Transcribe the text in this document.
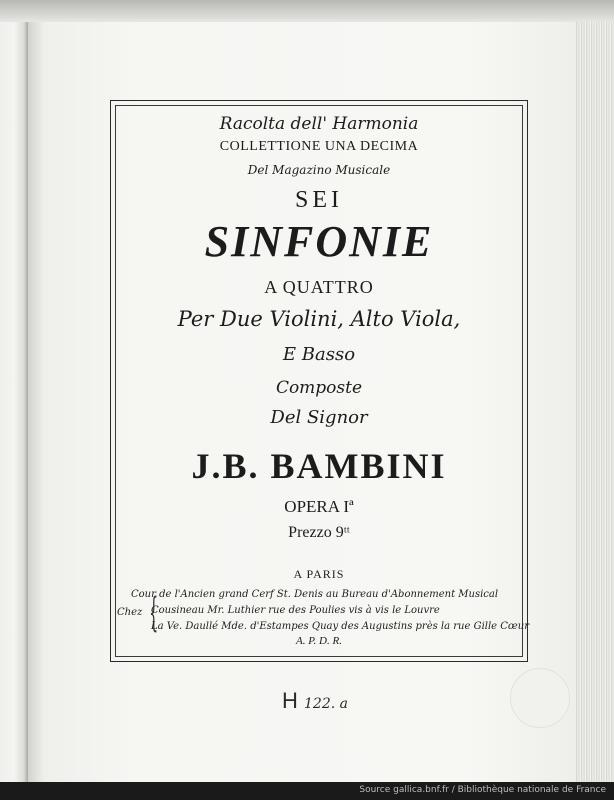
Racolta dell' Harmonia
COLLETTIONE UNA DECIMA
Del Magazino Musicale
SEI
SINFONIE
A QUATTRO
Per Due Violini, Alto Viola,
E Basso
Composte
Del Signor
J.B. BAMBINI
OPERA Iª
Prezzo 9ᵗᵗ
A PARIS
Chez {
Cour de l'Ancien grand Cerf St. Denis au Bureau d'Abonnement Musical
Cousineau Mr. Luthier rue des Poulies vis à vis le Louvre
La Ve. Daullé Mde. d'Estampes Quay des Augustins près la rue Gille Cœur
A. P. D. R.
H 122. a
Source gallica.bnf.fr / Bibliothèque nationale de France
